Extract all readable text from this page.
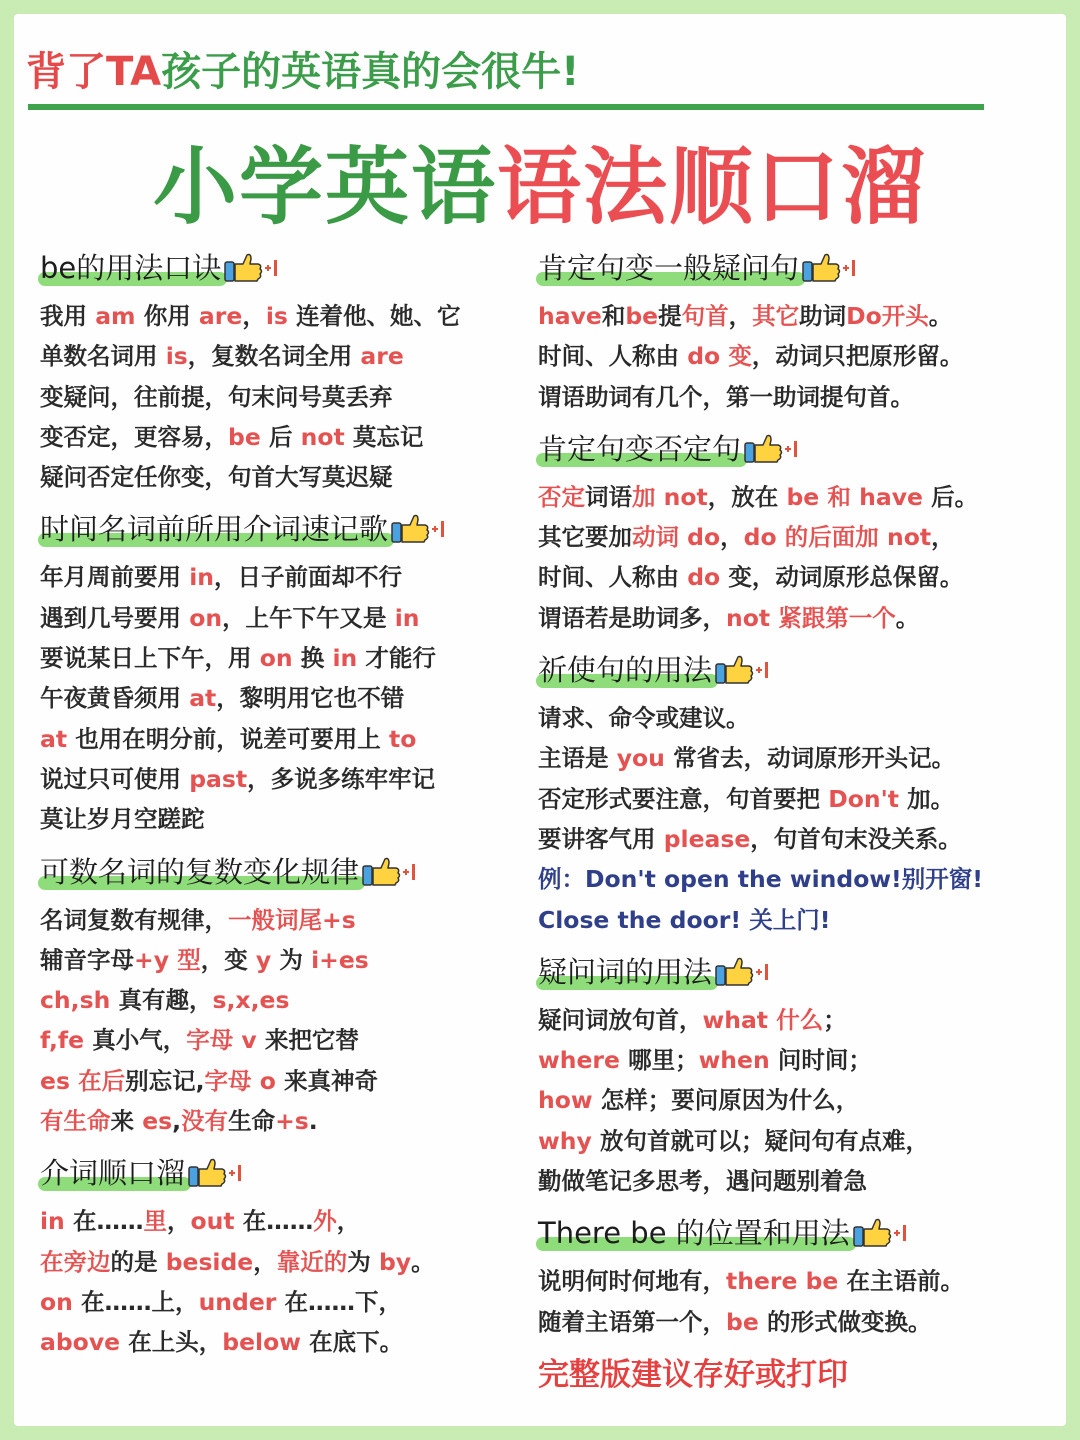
背了TA孩子的英语真的会很牛!
小学英语语法顺口溜
be的用法口诀
我用 am 你用 are，is 连着他、她、它
单数名词用 is，复数名词全用 are
变疑问，往前提，句末问号莫丢弃
变否定，更容易，be 后 not 莫忘记
疑问否定任你变，句首大写莫迟疑
时间名词前所用介词速记歌
年月周前要用 in，日子前面却不行
遇到几号要用 on，上午下午又是 in
要说某日上下午，用 on 换 in 才能行
午夜黄昏须用 at，黎明用它也不错
at 也用在明分前，说差可要用上 to
说过只可使用 past，多说多练牢牢记
莫让岁月空蹉跎
可数名词的复数变化规律
名词复数有规律，一般词尾+s
辅音字母+y 型，变 y 为 i+es
ch,sh 真有趣，s,x,es
f,fe 真小气，字母 v 来把它替
es 在后别忘记,字母 o 来真神奇
有生命来 es,没有生命+s.
介词顺口溜
in 在……里，out 在……外，
在旁边的是 beside，靠近的为 by。
on 在……上，under 在……下，
above 在上头，below 在底下。
肯定句变一般疑问句
have和be提句首，其它助词Do开头。
时间、人称由 do 变，动词只把原形留。
谓语助词有几个，第一助词提句首。
肯定句变否定句
否定词语加 not，放在 be 和 have 后。
其它要加动词 do，do 的后面加 not，
时间、人称由 do 变，动词原形总保留。
谓语若是助词多，not 紧跟第一个。
祈使句的用法
请求、命令或建议。
主语是 you 常省去，动词原形开头记。
否定形式要注意，句首要把 Don't 加。
要讲客气用 please，句首句末没关系。
例：Don't open the window!别开窗!
Close the door! 关上门!
疑问词的用法
疑问词放句首，what 什么；
where 哪里；when 问时间；
how 怎样；要问原因为什么，
why 放句首就可以；疑问句有点难，
勤做笔记多思考，遇问题别着急
There be 的位置和用法
说明何时何地有，there be 在主语前。
随着主语第一个，be 的形式做变换。
完整版建议存好或打印
